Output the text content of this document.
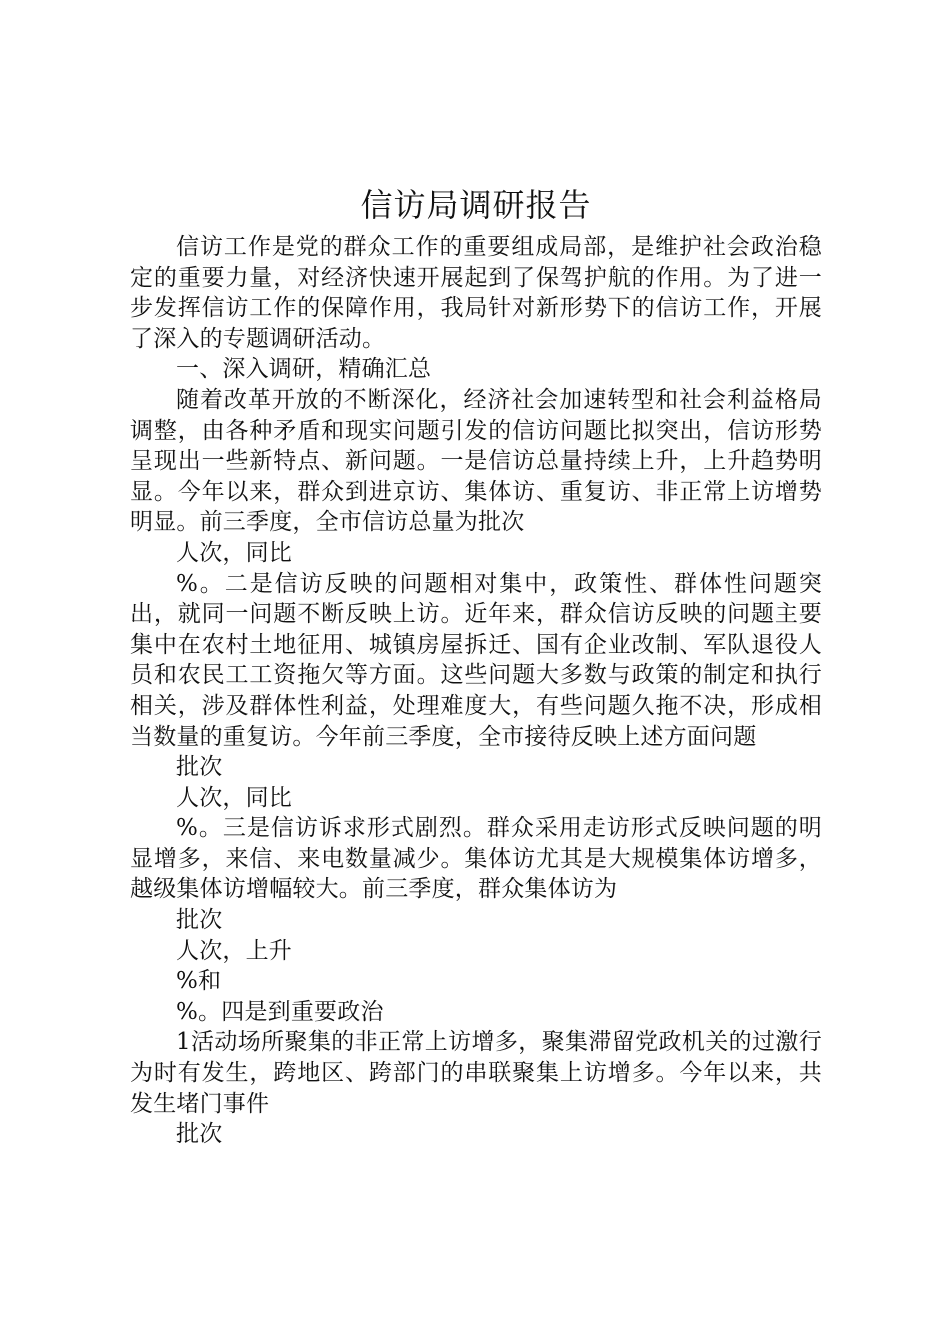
信访局调研报告

信访工作是党的群众工作的重要组成局部，是维护社会政治稳定的重要力量，对经济快速开展起到了保驾护航的作用。为了进一步发挥信访工作的保障作用，我局针对新形势下的信访工作，开展了深入的专题调研活动。

一、深入调研，精确汇总

随着改革开放的不断深化，经济社会加速转型和社会利益格局调整，由各种矛盾和现实问题引发的信访问题比拟突出，信访形势呈现出一些新特点、新问题。一是信访总量持续上升，上升趋势明显。今年以来，群众到进京访、集体访、重复访、非正常上访增势明显。前三季度，全市信访总量为批次

人次，同比

%。二是信访反映的问题相对集中，政策性、群体性问题突出，就同一问题不断反映上访。近年来，群众信访反映的问题主要集中在农村土地征用、城镇房屋拆迁、国有企业改制、军队退役人员和农民工工资拖欠等方面。这些问题大多数与政策的制定和执行相关，涉及群体性利益，处理难度大，有些问题久拖不决，形成相当数量的重复访。今年前三季度，全市接待反映上述方面问题

批次

人次，同比

%。三是信访诉求形式剧烈。群众采用走访形式反映问题的明显增多，来信、来电数量减少。集体访尤其是大规模集体访增多，越级集体访增幅较大。前三季度，群众集体访为

批次

人次，上升

%和

%。四是到重要政治

1活动场所聚集的非正常上访增多，聚集滞留党政机关的过激行为时有发生，跨地区、跨部门的串联聚集上访增多。今年以来，共发生堵门事件

批次
